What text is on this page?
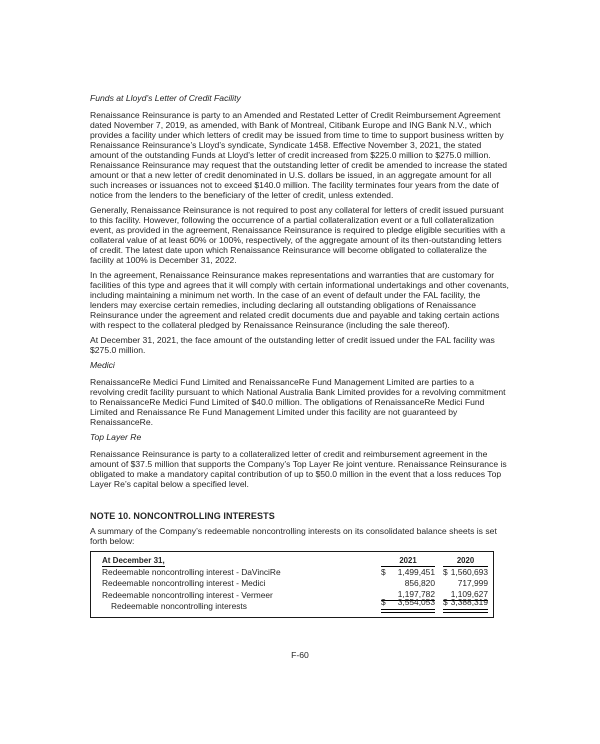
Funds at Lloyd’s Letter of Credit Facility

Renaissance Reinsurance is party to an Amended and Restated Letter of Credit Reimbursement Agreement dated November 7, 2019, as amended, with Bank of Montreal, Citibank Europe and ING Bank N.V., which provides a facility under which letters of credit may be issued from time to time to support business written by Renaissance Reinsurance’s Lloyd’s syndicate, Syndicate 1458. Effective November 3, 2021, the stated amount of the outstanding Funds at Lloyd’s letter of credit increased from $225.0 million to $275.0 million. Renaissance Reinsurance may request that the outstanding letter of credit be amended to increase the stated amount or that a new letter of credit denominated in U.S. dollars be issued, in an aggregate amount for all such increases or issuances not to exceed $140.0 million. The facility terminates four years from the date of notice from the lenders to the beneficiary of the letter of credit, unless extended.

Generally, Renaissance Reinsurance is not required to post any collateral for letters of credit issued pursuant to this facility. However, following the occurrence of a partial collateralization event or a full collateralization event, as provided in the agreement, Renaissance Reinsurance is required to pledge eligible securities with a collateral value of at least 60% or 100%, respectively, of the aggregate amount of its then-outstanding letters of credit. The latest date upon which Renaissance Reinsurance will become obligated to collateralize the facility at 100% is December 31, 2022.

In the agreement, Renaissance Reinsurance makes representations and warranties that are customary for facilities of this type and agrees that it will comply with certain informational undertakings and other covenants, including maintaining a minimum net worth. In the case of an event of default under the FAL facility, the lenders may exercise certain remedies, including declaring all outstanding obligations of Renaissance Reinsurance under the agreement and related credit documents due and payable and taking certain actions with respect to the collateral pledged by Renaissance Reinsurance (including the sale thereof).

At December 31, 2021, the face amount of the outstanding letter of credit issued under the FAL facility was $275.0 million.

Medici

RenaissanceRe Medici Fund Limited and RenaissanceRe Fund Management Limited are parties to a revolving credit facility pursuant to which National Australia Bank Limited provides for a revolving commitment to RenaissanceRe Medici Fund Limited of $40.0 million. The obligations of RenaissanceRe Medici Fund Limited and Renaissance Re Fund Management Limited under this facility are not guaranteed by RenaissanceRe.

Top Layer Re

Renaissance Reinsurance is party to a collateralized letter of credit and reimbursement agreement in the amount of $37.5 million that supports the Company’s Top Layer Re joint venture. Renaissance Reinsurance is obligated to make a mandatory capital contribution of up to $50.0 million in the event that a loss reduces Top Layer Re’s capital below a specified level.

NOTE 10. NONCONTROLLING INTERESTS

A summary of the Company’s redeemable noncontrolling interests on its consolidated balance sheets is set forth below:

At December 31,	2021	2020
Redeemable noncontrolling interest - DaVinciRe	$ 1,499,451 $ 1,560,693
Redeemable noncontrolling interest - Medici	856,820	717,999
Redeemable noncontrolling interest - Vermeer	1,197,782 1,109,627
Redeemable noncontrolling interests	$ 3,554,053 $ 3,388,319
F-60
